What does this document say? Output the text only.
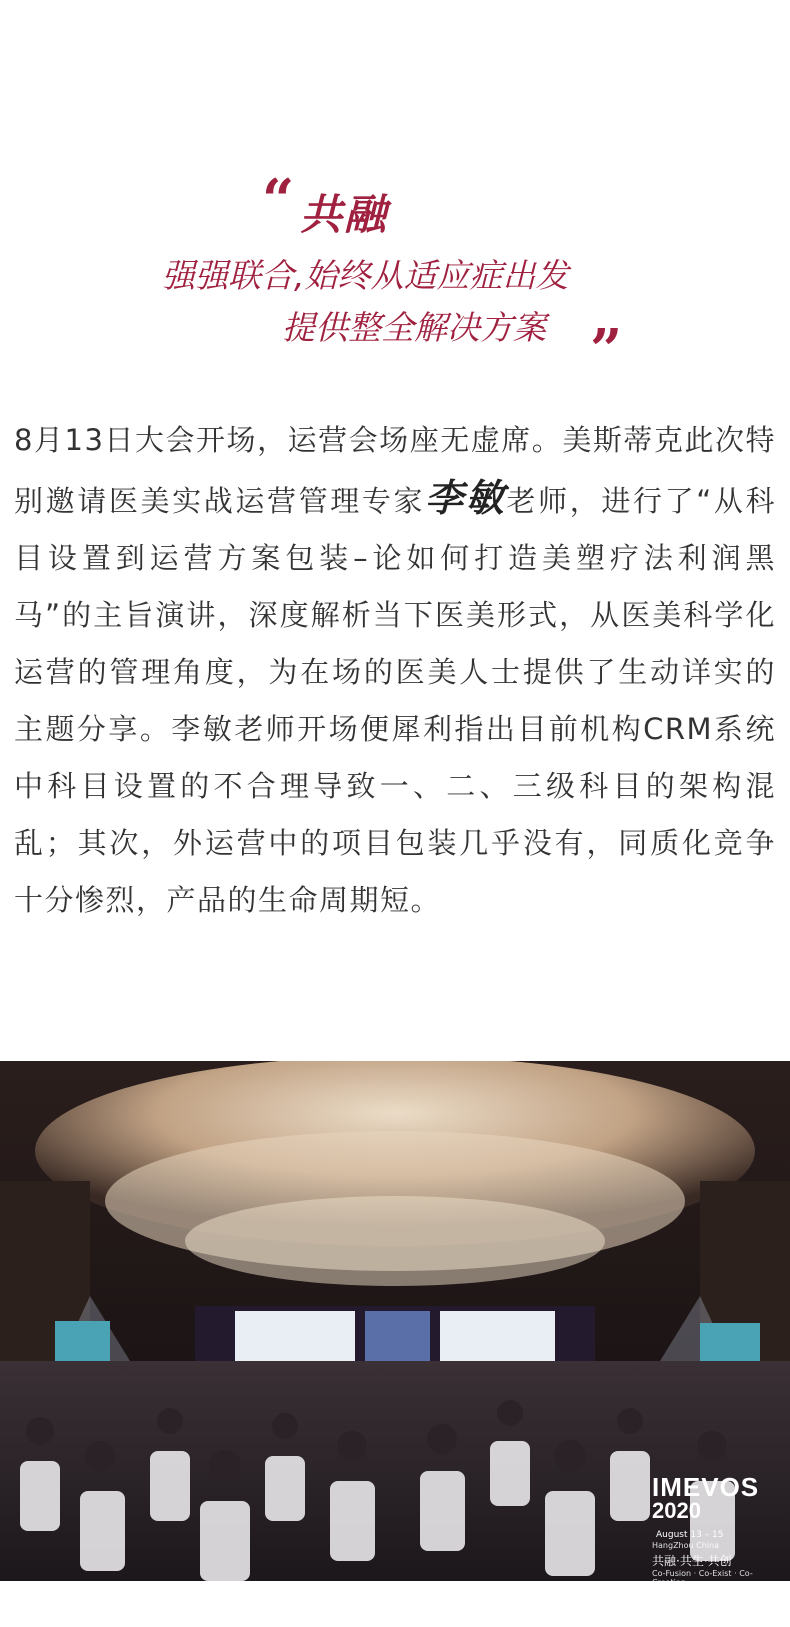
“ 共融
强强联合,始终从适应症出发
提供整全解决方案 ”

8月13日大会开场，运营会场座无虚席。美斯蒂克此次特别邀请医美实战运营管理专家李敏老师，进行了“从科目设置到运营方案包装–论如何打造美塑疗法利润黑马”的主旨演讲，深度解析当下医美形式，从医美科学化运营的管理角度，为在场的医美人士提供了生动详实的主题分享。李敏老师开场便犀利指出目前机构CRM系统中科目设置的不合理导致一、二、三级科目的架构混乱；其次，外运营中的项目包装几乎没有，同质化竞争十分惨烈，产品的生命周期短。

IMEVOS
2020 August 13 – 15
HangZhou China
共融·共生·共创
Co-Fusion · Co-Exist · Co-Creation
